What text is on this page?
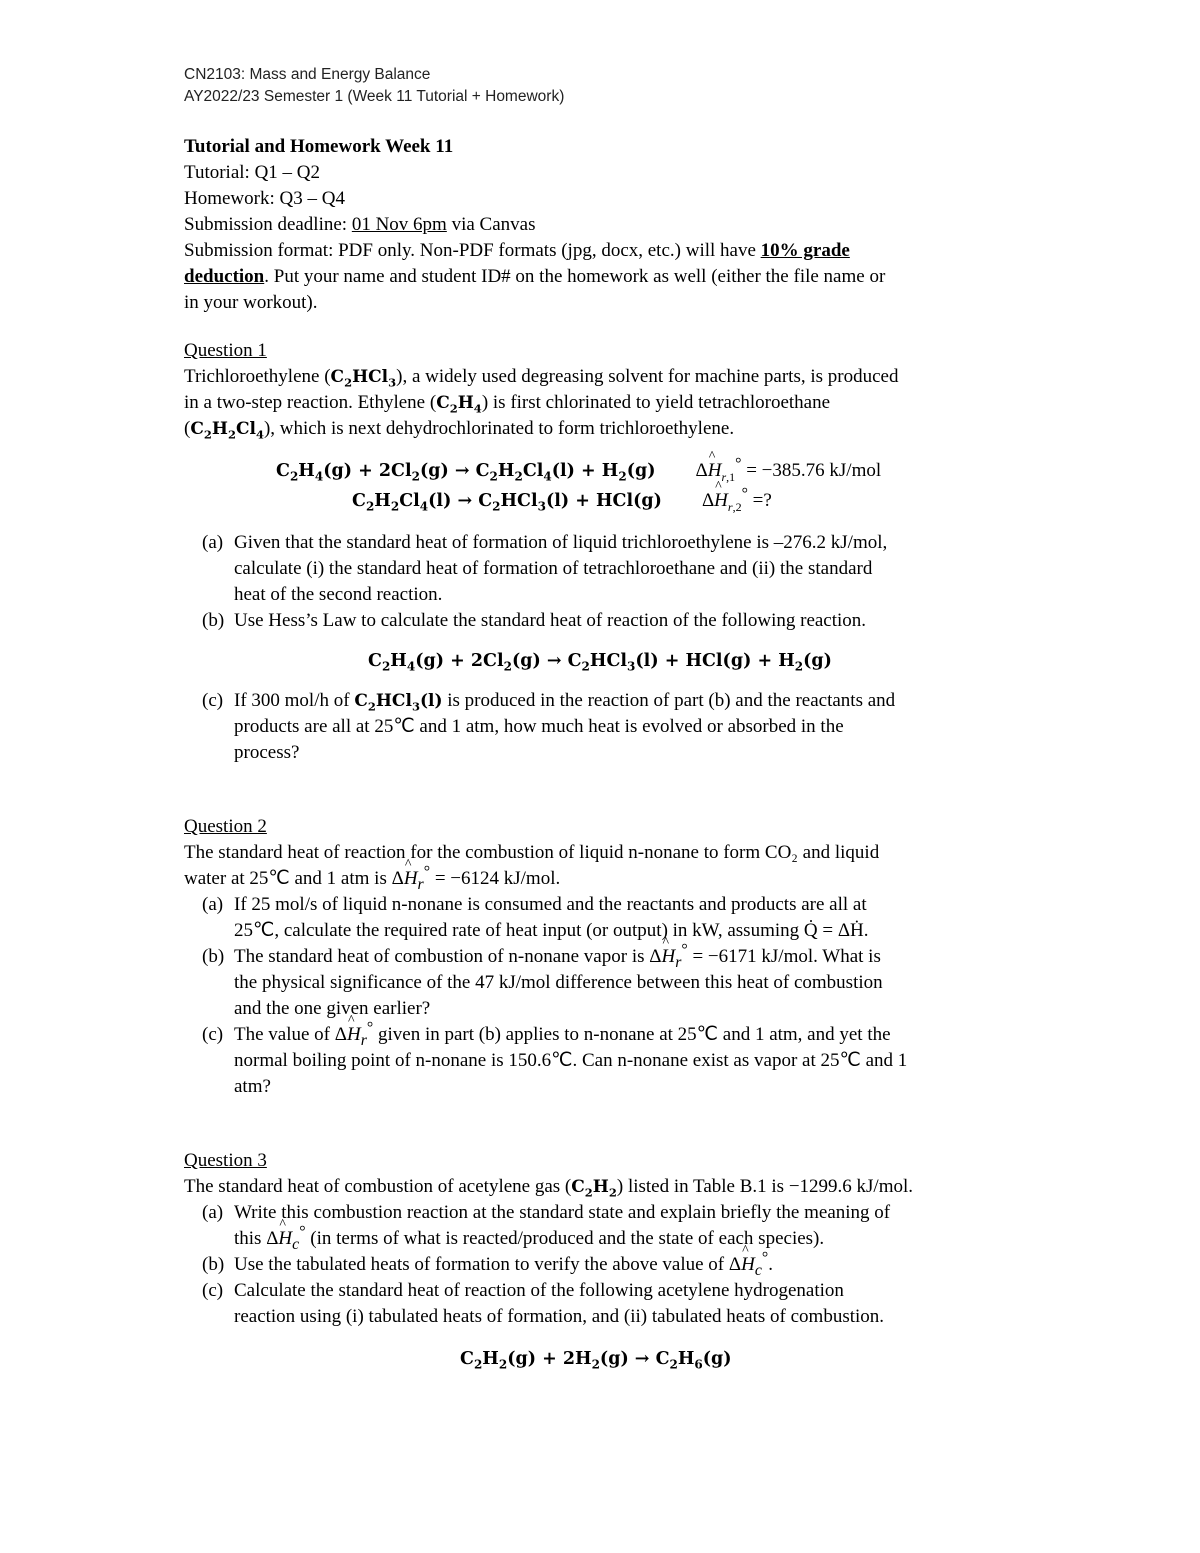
CN2103: Mass and Energy Balance
AY2022/23 Semester 1 (Week 11 Tutorial + Homework)
Tutorial and Homework Week 11
Tutorial: Q1 – Q2
Homework: Q3 – Q4
Submission deadline: 01 Nov 6pm via Canvas
Submission format: PDF only. Non-PDF formats (jpg, docx, etc.) will have 10% grade
deduction. Put your name and student ID# on the homework as well (either the file name or
in your workout).
Question 1
Trichloroethylene $(C_2HCl_3)$, a widely used degreasing solvent for machine parts, is produced
in a two-step reaction. Ethylene $(C_2H_4)$ is first chlorinated to yield tetrachloroethane
$(C_2H_2Cl_4)$, which is next dehydrochlorinated to form trichloroethylene.
$C_2H_4(g) + 2Cl_2(g) \to C_2H_2Cl_4(l) + H_2(g)$ Δ^ $H_{r,1}^\circ = -385.76$ kJ/mol
$C_2H_2Cl_4(l) \to C_2HCl_3(l) + HCl(g)$ Δ^ $H_{r,2}^\circ$ =?
(a) Given that the standard heat of formation of liquid trichloroethylene is –276.2 kJ/mol,
calculate (i) the standard heat of formation of tetrachloroethane and (ii) the standard
heat of the second reaction.
(b) Use Hess’s Law to calculate the standard heat of reaction of the following reaction.
$C_2H_4(g) + 2Cl_2(g) \to C_2HCl_3(l) + HCl(g) + H_2(g)$
(c) If 300 mol/h of $C_2HCl_3(l)$ is produced in the reaction of part (b) and the reactants and
products are all at 25℃ and 1 atm, how much heat is evolved or absorbed in the
process?
Question 2
The standard heat of reaction for the combustion of liquid n-nonane to form CO₂ and liquid
water at 25℃ and 1 atm is Δ^ $H_r^\circ = -6124$ kJ/mol.
(a) If 25 mol/s of liquid n-nonane is consumed and the reactants and products are all at
25℃, calculate the required rate of heat input (or output) in kW, assuming Q̇ = ΔḢ.
(b) The standard heat of combustion of n-nonane vapor is Δ^ $H_r^\circ = -6171$ kJ/mol. What is
the physical significance of the 47 kJ/mol difference between this heat of combustion
and the one given earlier?
(c) The value of Δ^ $H_r^\circ$ given in part (b) applies to n-nonane at 25℃ and 1 atm, and yet the
normal boiling point of n-nonane is 150.6℃. Can n-nonane exist as vapor at 25℃ and 1
atm?
Question 3
The standard heat of combustion of acetylene gas $(C_2H_2)$ listed in Table B.1 is −1299.6 kJ/mol.
(a) Write this combustion reaction at the standard state and explain briefly the meaning of
this Δ^ $H_c^\circ$ (in terms of what is reacted/produced and the state of each species).
(b) Use the tabulated heats of formation to verify the above value of Δ^ $H_c^\circ$.
(c) Calculate the standard heat of reaction of the following acetylene hydrogenation
reaction using (i) tabulated heats of formation, and (ii) tabulated heats of combustion.
$C_2H_2(g) + 2H_2(g) \to C_2H_6(g)$
